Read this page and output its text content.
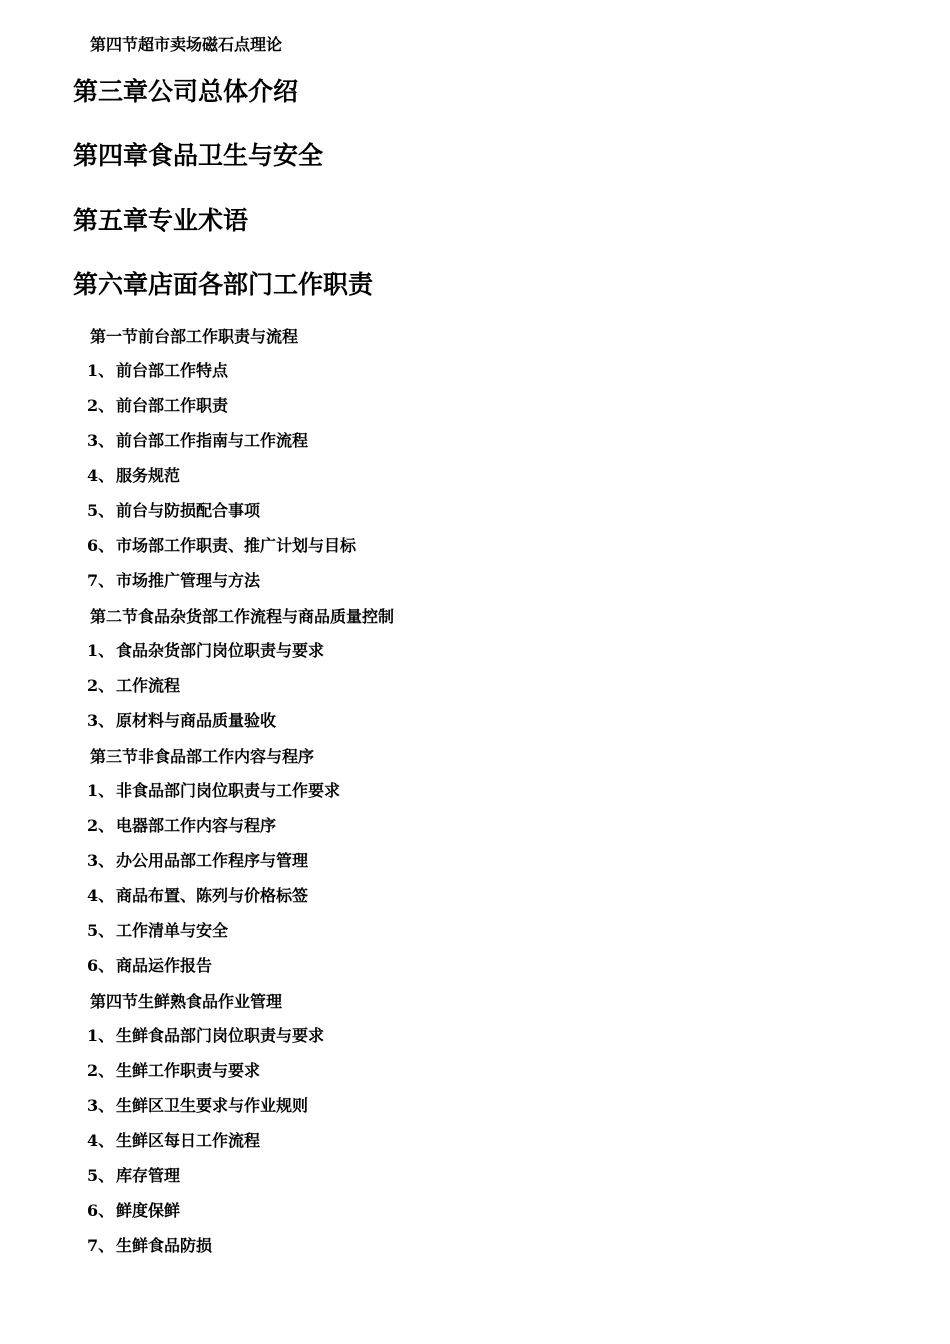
第四节超市卖场磁石点理论
第三章公司总体介绍
第四章食品卫生与安全
第五章专业术语
第六章店面各部门工作职责
第一节前台部工作职责与流程
1、 前台部工作特点
2、 前台部工作职责
3、 前台部工作指南与工作流程
4、 服务规范
5、 前台与防损配合事项
6、 市场部工作职责、推广计划与目标
7、 市场推广管理与方法
第二节食品杂货部工作流程与商品质量控制
1、 食品杂货部门岗位职责与要求
2、 工作流程
3、 原材料与商品质量验收
第三节非食品部工作内容与程序
1、 非食品部门岗位职责与工作要求
2、 电器部工作内容与程序
3、 办公用品部工作程序与管理
4、 商品布置、陈列与价格标签
5、 工作清单与安全
6、 商品运作报告
第四节生鲜熟食品作业管理
1、 生鲜食品部门岗位职责与要求
2、 生鲜工作职责与要求
3、 生鲜区卫生要求与作业规则
4、 生鲜区每日工作流程
5、 库存管理
6、 鲜度保鲜
7、 生鲜食品防损
